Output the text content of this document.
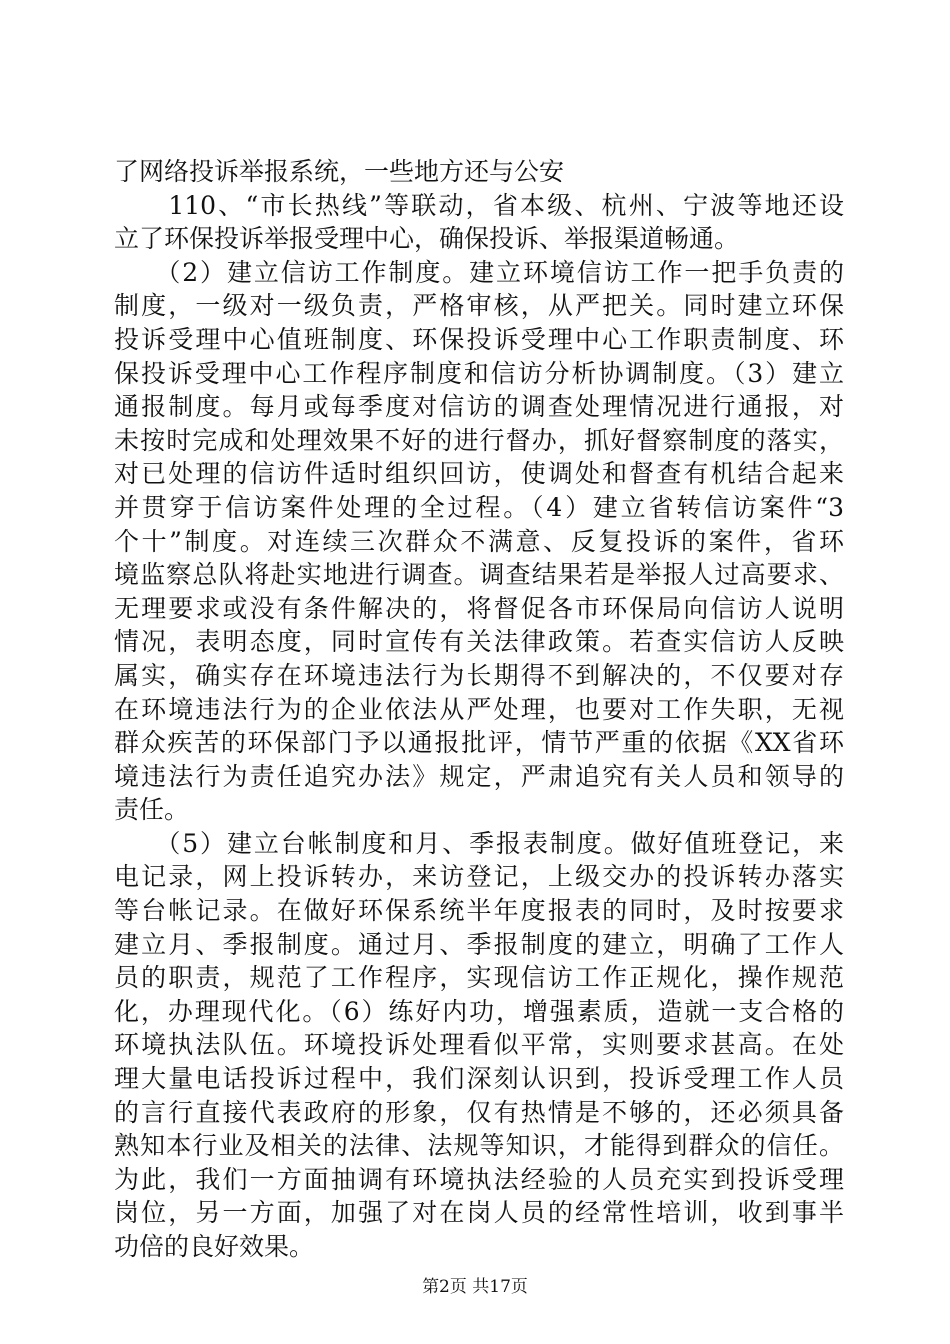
了网络投诉举报系统，一些地方还与公安
　　110、“市长热线”等联动，省本级、杭州、宁波等地还设
立了环保投诉举报受理中心，确保投诉、举报渠道畅通。
　　（2）建立信访工作制度。建立环境信访工作一把手负责的
制度，一级对一级负责，严格审核，从严把关。同时建立环保
投诉受理中心值班制度、环保投诉受理中心工作职责制度、环
保投诉受理中心工作程序制度和信访分析协调制度。（3）建立
通报制度。每月或每季度对信访的调查处理情况进行通报，对
未按时完成和处理效果不好的进行督办，抓好督察制度的落实，
对已处理的信访件适时组织回访，使调处和督查有机结合起来
并贯穿于信访案件处理的全过程。（4）建立省转信访案件“3
个十”制度。对连续三次群众不满意、反复投诉的案件，省环
境监察总队将赴实地进行调查。调查结果若是举报人过高要求、
无理要求或没有条件解决的，将督促各市环保局向信访人说明
情况，表明态度，同时宣传有关法律政策。若查实信访人反映
属实，确实存在环境违法行为长期得不到解决的，不仅要对存
在环境违法行为的企业依法从严处理，也要对工作失职，无视
群众疾苦的环保部门予以通报批评，情节严重的依据《XX省环
境违法行为责任追究办法》规定，严肃追究有关人员和领导的
责任。
　　（5）建立台帐制度和月、季报表制度。做好值班登记，来
电记录，网上投诉转办，来访登记，上级交办的投诉转办落实
等台帐记录。在做好环保系统半年度报表的同时，及时按要求
建立月、季报制度。通过月、季报制度的建立，明确了工作人
员的职责，规范了工作程序，实现信访工作正规化，操作规范
化，办理现代化。（6）练好内功，增强素质，造就一支合格的
环境执法队伍。环境投诉处理看似平常，实则要求甚高。在处
理大量电话投诉过程中，我们深刻认识到，投诉受理工作人员
的言行直接代表政府的形象，仅有热情是不够的，还必须具备
熟知本行业及相关的法律、法规等知识，才能得到群众的信任。
为此，我们一方面抽调有环境执法经验的人员充实到投诉受理
岗位，另一方面，加强了对在岗人员的经常性培训，收到事半
功倍的良好效果。
第2页 共17页
